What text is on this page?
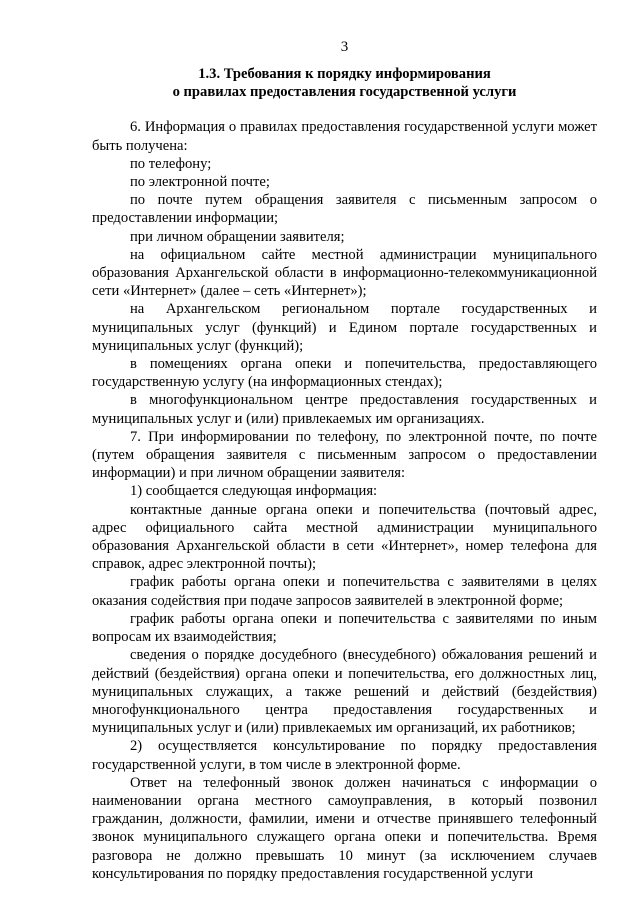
3
1.3. Требования к порядку информирования
о правилах предоставления государственной услуги

6. Информация о правилах предоставления государственной услуги может быть получена:

по телефону;

по электронной почте;

по почте путем обращения заявителя с письменным запросом о предоставлении информации;

при личном обращении заявителя;

на официальном сайте местной администрации муниципального образования Архангельской области в информационно-телекоммуникационной сети «Интернет» (далее – сеть «Интернет»);

на Архангельском региональном портале государственных и муниципальных услуг (функций) и Едином портале государственных и муниципальных услуг (функций);

в помещениях органа опеки и попечительства, предоставляющего государственную услугу (на информационных стендах);

в многофункциональном центре предоставления государственных и муниципальных услуг и (или) привлекаемых им организациях.

7. При информировании по телефону, по электронной почте, по почте (путем обращения заявителя с письменным запросом о предоставлении информации) и при личном обращении заявителя:

1) сообщается следующая информация:

контактные данные органа опеки и попечительства (почтовый адрес, адрес официального сайта местной администрации муниципального образования Архангельской области в сети «Интернет», номер телефона для справок, адрес электронной почты);

график работы органа опеки и попечительства с заявителями в целях оказания содействия при подаче запросов заявителей в электронной форме;

график работы органа опеки и попечительства с заявителями по иным вопросам их взаимодействия;

сведения о порядке досудебного (внесудебного) обжалования решений и действий (бездействия) органа опеки и попечительства, его должностных лиц, муниципальных служащих, а также решений и действий (бездействия) многофункционального центра предоставления государственных и муниципальных услуг и (или) привлекаемых им организаций, их работников;

2) осуществляется консультирование по порядку предоставления государственной услуги, в том числе в электронной форме.

Ответ на телефонный звонок должен начинаться с информации о наименовании органа местного самоуправления, в который позвонил гражданин, должности, фамилии, имени и отчестве принявшего телефонный звонок муниципального служащего органа опеки и попечительства. Время разговора не должно превышать 10 минут (за исключением случаев консультирования по порядку предоставления государственной услуги
